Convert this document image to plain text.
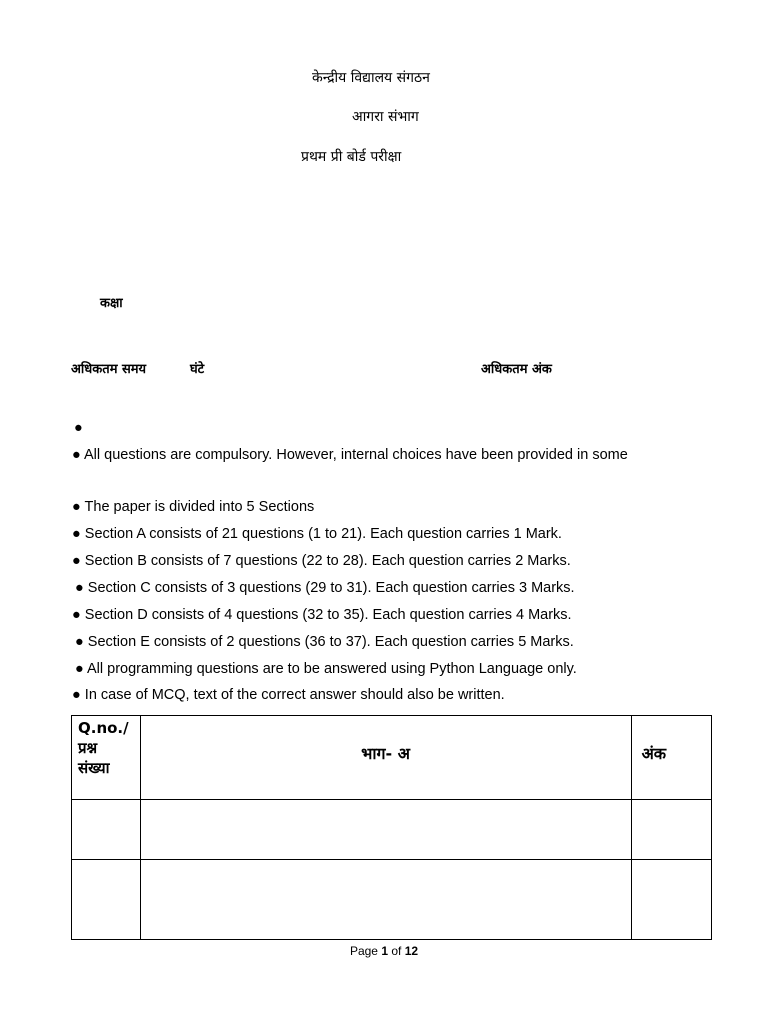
केन्द्रीय विद्यालय संगठन
आगरा संभाग
प्रथम प्री बोर्ड परीक्षा
कक्षा
अधिकतम समय	घंटे	अधिकतम अंक
●
● All questions are compulsory. However, internal choices have been provided in some
● The paper is divided into 5 Sections
● Section A consists of 21 questions (1 to 21). Each question carries 1 Mark.
● Section B consists of 7 questions (22 to 28). Each question carries 2 Marks.
● Section C consists of 3 questions (29 to 31). Each question carries 3 Marks.
● Section D consists of 4 questions (32 to 35). Each question carries 4 Marks.
● Section E consists of 2 questions (36 to 37). Each question carries 5 Marks.
● All programming questions are to be answered using Python Language only.
● In case of MCQ, text of the correct answer should also be written.
Q.no./
प्रश्न
संख्या	भाग- अ	अंक

Page 1 of 12
